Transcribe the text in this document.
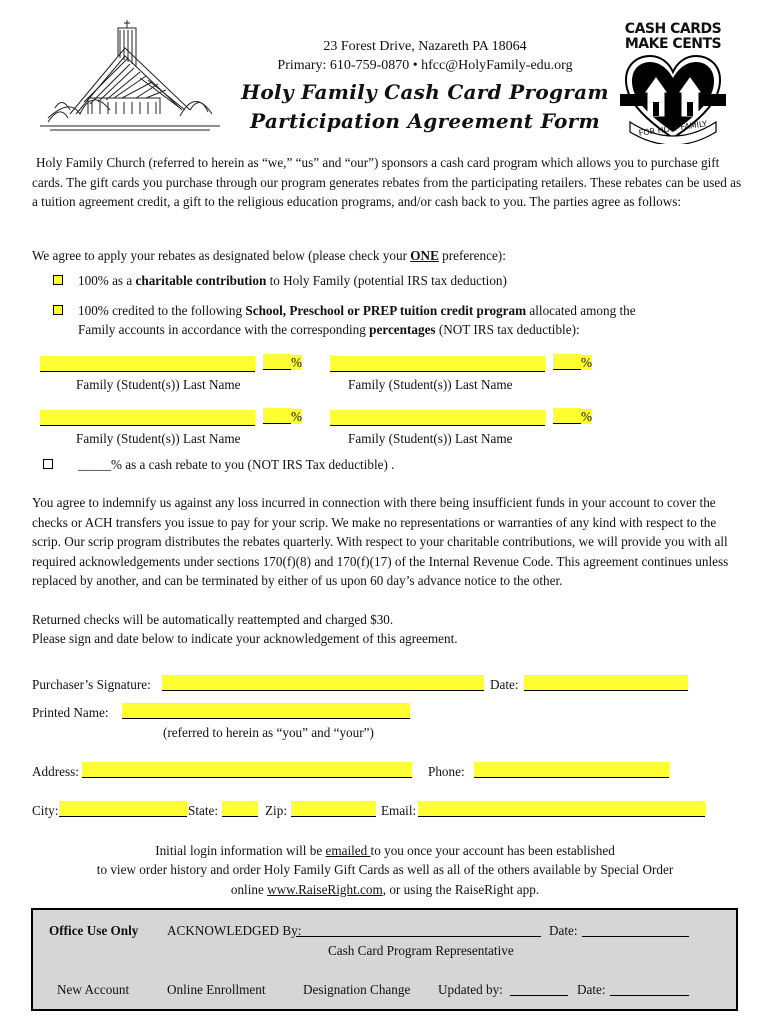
23 Forest Drive, Nazareth PA 18064
Primary: 610-759-0870 • hfcc@HolyFamily-edu.org
Holy Family Cash Card Program
Participation Agreement Form
CASH CARDS
MAKE CENTS
FOR HOLY FAMILY

Holy Family Church (referred to herein as “we,” “us” and “our”) sponsors a cash card program which allows you to purchase gift cards. The gift cards you purchase through our program generates rebates from the participating retailers. These rebates can be used as a tuition agreement credit, a gift to the religious education programs, and/or cash back to you. The parties agree as follows:

We agree to apply your rebates as designated below (please check your ONE preference):
100% as a charitable contribution to Holy Family (potential IRS tax deduction)
100% credited to the following School, Preschool or PREP tuition credit program allocated among the
Family accounts in accordance with the corresponding percentages (NOT IRS tax deductible):
%
Family (Student(s)) Last Name
%
Family (Student(s)) Last Name
%
Family (Student(s)) Last Name
%
Family (Student(s)) Last Name
_____% as a cash rebate to you (NOT IRS Tax deductible) .

You agree to indemnify us against any loss incurred in connection with there being insufficient funds in your account to cover the checks or ACH transfers you issue to pay for your scrip. We make no representations or warranties of any kind with respect to the scrip. Our scrip program distributes the rebates quarterly. With respect to your charitable contributions, we will provide you with all required acknowledgements under sections 170(f)(8) and 170(f)(17) of the Internal Revenue Code. This agreement continues unless replaced by another, and can be terminated by either of us upon 60 day’s advance notice to the other.

Returned checks will be automatically reattempted and charged $30.
Please sign and date below to indicate your acknowledgement of this agreement.
Purchaser’s Signature:	Date:
Printed Name:
(referred to herein as “you” and “your”)
Address:	Phone:
City:	State:	Zip:	Email:
Initial login information will be emailed to you once your account has been established
to view order history and order Holy Family Gift Cards as well as all of the others available by Special Order
online www.RaiseRight.com, or using the RaiseRight app.
Office Use Only ACKNOWLEDGED By:	Date:
Cash Card Program Representative
New Account	Online Enrollment	Designation Change Updated by:	Date:
